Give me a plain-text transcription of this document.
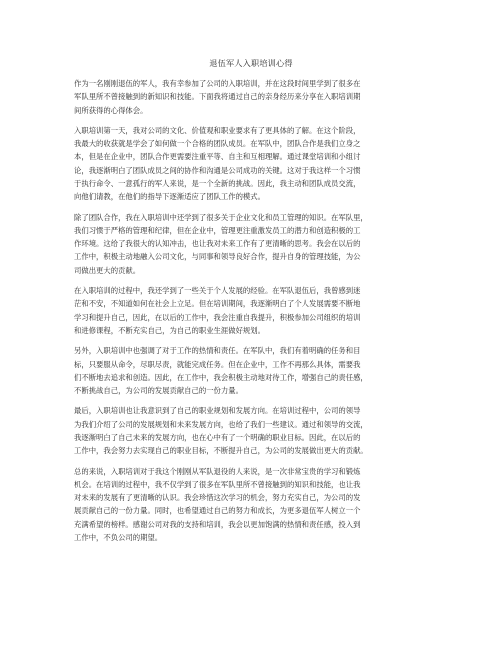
退伍军人入职培训心得
作为一名刚刚退伍的军人，我有幸参加了公司的入职培训，并在这段时间里学到了很多在
军队里所不曾接触到的新知识和技能。下面我将通过自己的亲身经历来分享在入职培训期
间所获得的心得体会。
入职培训第一天，我对公司的文化、价值观和职业要求有了更具体的了解。在这个阶段，
我最大的收获就是学会了如何做一个合格的团队成员。在军队中，团队合作是我们立身之
本，但是在企业中，团队合作更需要注重平等、自主和互相理解。通过课堂培训和小组讨
论，我逐渐明白了团队成员之间的协作和沟通是公司成功的关键。这对于我这样一个习惯
于执行命令、一意孤行的军人来说，是一个全新的挑战。因此，我主动和团队成员交流，
向他们请教，在他们的指导下逐渐适应了团队工作的模式。
除了团队合作，我在入职培训中还学到了很多关于企业文化和员工管理的知识。在军队里，
我们习惯于严格的管理和纪律，但在企业中，管理更注重激发员工的潜力和创造积极的工
作环境。这给了我很大的认知冲击，也让我对未来工作有了更清晰的思考。我会在以后的
工作中，积极主动地融入公司文化，与同事和领导良好合作，提升自身的管理技能，为公
司做出更大的贡献。
在入职培训的过程中，我还学到了一些关于个人发展的经验。在军队退伍后，我曾感到迷
茫和不安，不知道如何在社会上立足。但在培训期间，我逐渐明白了个人发展需要不断地
学习和提升自己，因此，在以后的工作中，我会注重自我提升，积极参加公司组织的培训
和进修课程，不断充实自己，为自己的职业生涯做好规划。
另外，入职培训中也强调了对于工作的热情和责任。在军队中，我们有着明确的任务和目
标，只要服从命令，尽职尽责，就能完成任务。但在企业中，工作不再那么具体，需要我
们不断地去追求和创造。因此，在工作中，我会积极主动地对待工作，增强自己的责任感，
不断挑战自己，为公司的发展贡献自己的一份力量。
最后，入职培训也让我意识到了自己的职业规划和发展方向。在培训过程中，公司的领导
为我们介绍了公司的发展规划和未来发展方向，也给了我们一些建议。通过和领导的交流，
我逐渐明白了自己未来的发展方向，也在心中有了一个明确的职业目标。因此，在以后的
工作中，我会努力去实现自己的职业目标，不断提升自己，为公司的发展做出更大的贡献。
总的来说，入职培训对于我这个刚刚从军队退役的人来说，是一次非常宝贵的学习和锻炼
机会。在培训的过程中，我不仅学到了很多在军队里所不曾接触到的知识和技能，也让我
对未来的发展有了更清晰的认识。我会珍惜这次学习的机会，努力充实自己，为公司的发
展贡献自己的一份力量。同时，也希望通过自己的努力和成长，为更多退伍军人树立一个
充满希望的榜样。感谢公司对我的支持和培训，我会以更加饱满的热情和责任感，投入到
工作中，不负公司的期望。
